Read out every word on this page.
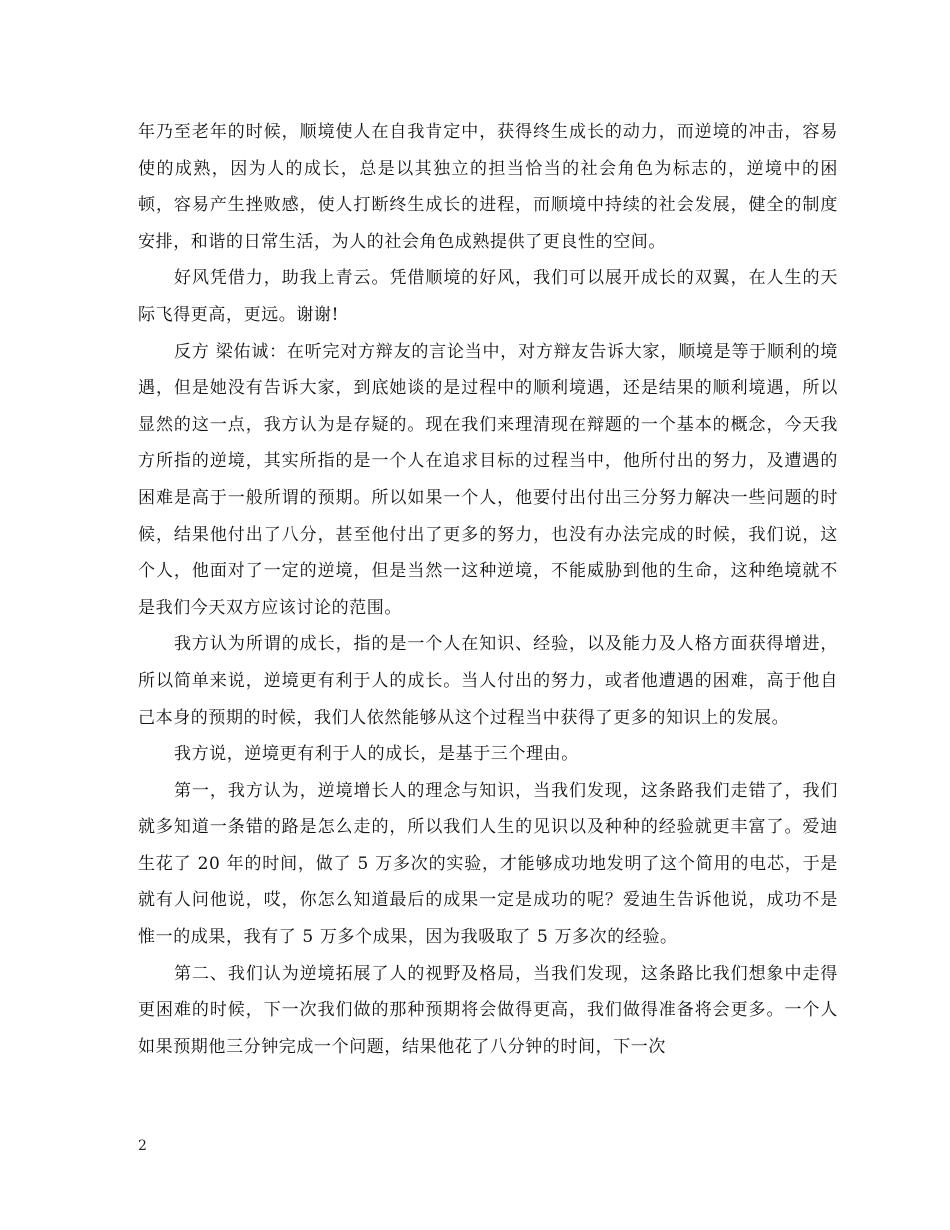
年乃至老年的时候，顺境使人在自我肯定中，获得终生成长的动力，而逆境的冲击，容易使的成熟，因为人的成长，总是以其独立的担当恰当的社会角色为标志的，逆境中的困顿，容易产生挫败感，使人打断终生成长的进程，而顺境中持续的社会发展，健全的制度安排，和谐的日常生活，为人的社会角色成熟提供了更良性的空间。

好风凭借力，助我上青云。凭借顺境的好风，我们可以展开成长的双翼，在人生的天际飞得更高，更远。谢谢!

反方 梁佑诚：在听完对方辩友的言论当中，对方辩友告诉大家，顺境是等于顺利的境遇，但是她没有告诉大家，到底她谈的是过程中的顺利境遇，还是结果的顺利境遇，所以显然的这一点，我方认为是存疑的。现在我们来理清现在辩题的一个基本的概念，今天我方所指的逆境，其实所指的是一个人在追求目标的过程当中，他所付出的努力，及遭遇的困难是高于一般所谓的预期。所以如果一个人，他要付出付出三分努力解决一些问题的时候，结果他付出了八分，甚至他付出了更多的努力，也没有办法完成的时候，我们说，这个人，他面对了一定的逆境，但是当然一这种逆境，不能威胁到他的生命，这种绝境就不是我们今天双方应该讨论的范围。

我方认为所谓的成长，指的是一个人在知识、经验，以及能力及人格方面获得增进，所以简单来说，逆境更有利于人的成长。当人付出的努力，或者他遭遇的困难，高于他自己本身的预期的时候，我们人依然能够从这个过程当中获得了更多的知识上的发展。

我方说，逆境更有利于人的成长，是基于三个理由。

第一，我方认为，逆境增长人的理念与知识，当我们发现，这条路我们走错了，我们就多知道一条错的路是怎么走的，所以我们人生的见识以及种种的经验就更丰富了。爱迪生花了 20 年的时间，做了 5 万多次的实验，才能够成功地发明了这个简用的电芯，于是就有人问他说，哎，你怎么知道最后的成果一定是成功的呢？爱迪生告诉他说，成功不是惟一的成果，我有了 5 万多个成果，因为我吸取了 5 万多次的经验。

第二、我们认为逆境拓展了人的视野及格局，当我们发现，这条路比我们想象中走得更困难的时候，下一次我们做的那种预期将会做得更高，我们做得准备将会更多。一个人如果预期他三分钟完成一个问题，结果他花了八分钟的时间，下一次

2
